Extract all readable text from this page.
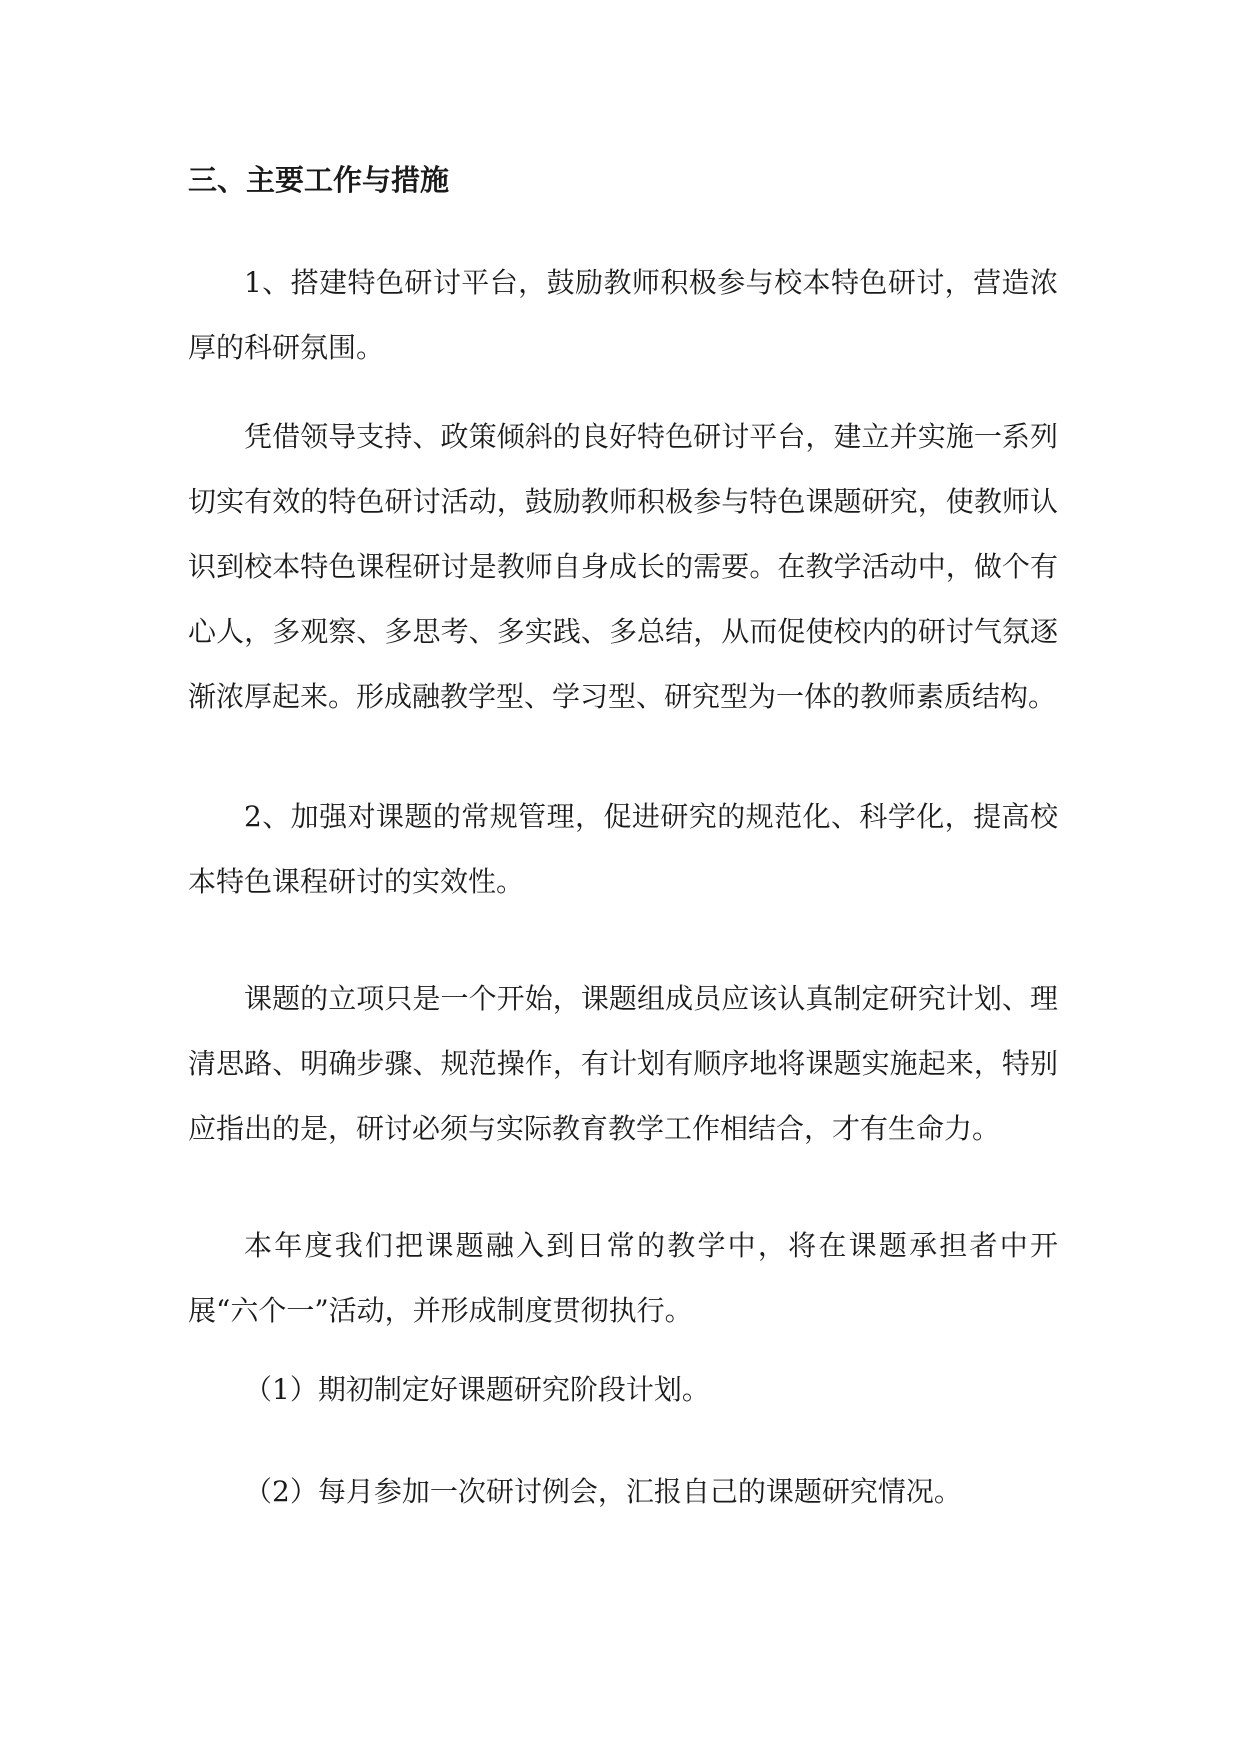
三、主要工作与措施

1、搭建特色研讨平台，鼓励教师积极参与校本特色研讨，营造浓厚的科研氛围。

凭借领导支持、政策倾斜的良好特色研讨平台，建立并实施一系列切实有效的特色研讨活动，鼓励教师积极参与特色课题研究，使教师认识到校本特色课程研讨是教师自身成长的需要。在教学活动中，做个有心人，多观察、多思考、多实践、多总结，从而促使校内的研讨气氛逐渐浓厚起来。形成融教学型、学习型、研究型为一体的教师素质结构。

2、加强对课题的常规管理，促进研究的规范化、科学化，提高校本特色课程研讨的实效性。

课题的立项只是一个开始，课题组成员应该认真制定研究计划、理清思路、明确步骤、规范操作，有计划有顺序地将课题实施起来，特别应指出的是，研讨必须与实际教育教学工作相结合，才有生命力。

本年度我们把课题融入到日常的教学中，将在课题承担者中开展“六个一”活动，并形成制度贯彻执行。

（1）期初制定好课题研究阶段计划。

（2）每月参加一次研讨例会，汇报自己的课题研究情况。
